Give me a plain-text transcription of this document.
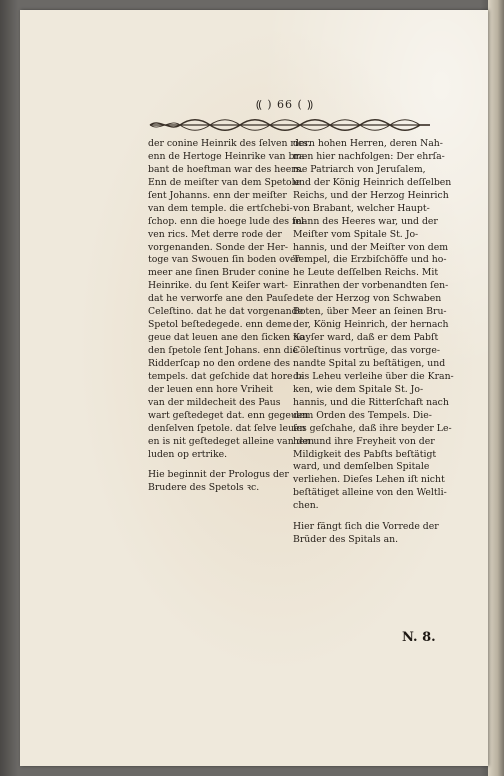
⸨ ) 66 ( ⸩
der conine Heinrik des ſelven rics.
enn de Hertoge Heinrike van bra-
bant de hoeftman war des heers.
Enn de meiſter van dem Spetole
ſent Johanns. enn der meiſter
van dem temple. die ertſchebi-
ſchop. enn die hoege lude des ſel-
ven rics. Met derre rode der
vorgenanden. Sonde der Her-
toge van Swouen ſin boden over
meer ane ſinen Bruder conine
Heinrike. du ſent Keiſer wart-
dat he verworfe ane den Pauſe
Celeſtino. dat he dat vorgenande
Spetol beſtedegede. enn deme
geue dat leuen ane den ſicken no
den ſpetole ſent Johans. enn die
Ridderſcap no den ordene des
tempels. dat geſchide dat hore bi
der leuen enn hore Vriheit
van der mildecheit des Paus
wart geſtedeget dat. enn gegeuen
denſelven ſpetole. dat ſelve leuen
en is nit geſtedeget alleine van den
luden op ertrike.
Hie beginnit der Prologus der
Brudere des Spetols ꝛc.
dern hohen Herren, deren Nah-
men hier nachfolgen: Der ehrſa-
me Patriarch von Jeruſalem,
und der König Heinrich deſſelben
Reichs, und der Herzog Heinrich
von Brabant, welcher Haupt-
mann des Heeres war, und der
Meiſter vom Spitale St. Jo-
hannis, und der Meiſter von dem
Tempel, die Erzbiſchöffe und ho-
he Leute deſſelben Reichs. Mit
Einrathen der vorbenandten ſen-
dete der Herzog von Schwaben
Boten, über Meer an ſeinen Bru-
der, König Heinrich, der hernach
Kayſer ward, daß er dem Pabſt
Cöleſtinus vortrüge, das vorge-
nandte Spital zu beſtätigen, und
das Leheu verleihe über die Kran-
ken, wie dem Spitale St. Jo-
hannis, und die Ritterſchaft nach
dem Orden des Tempels. Die-
ſes geſchahe, daß ihre beyder Le-
hen und ihre Freyheit von der
Mildigkeit des Pabſts beſtätigt
ward, und demſelben Spitale
verliehen. Dieſes Lehen iſt nicht
beſtätiget alleine von den Weltli-
chen.
Hier fängt ſich die Vorrede der
Brüder des Spitals an.
N. 8.
